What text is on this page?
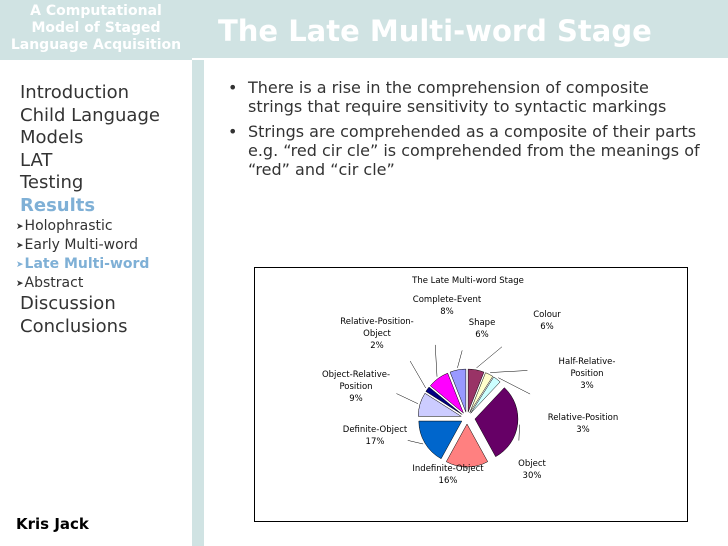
A Computational
Model of Staged
Language Acquisition
Introduction
Child Language
Models
LAT
Testing
Results
➤Holophrastic
➤Early Multi-word
➤Late Multi-word
➤Abstract
Discussion
Conclusions
Kris Jack
The Late Multi-word Stage
• There is a rise in the comprehension of composite strings that require sensitivity to syntactic markings
• Strings are comprehended as a composite of their parts e.g. “red cir cle” is comprehended from the meanings of “red” and “cir cle”
The Late Multi-word Stage
Colour 6%
Half-Relative-Position 3%
Relative-Position 3%
Object 30%
Indefinite-Object 16%
Definite-Object 17%
Object-Relative-Position 9%
Relative-Position-Object 2%
Complete-Event 8%
Shape 6%
